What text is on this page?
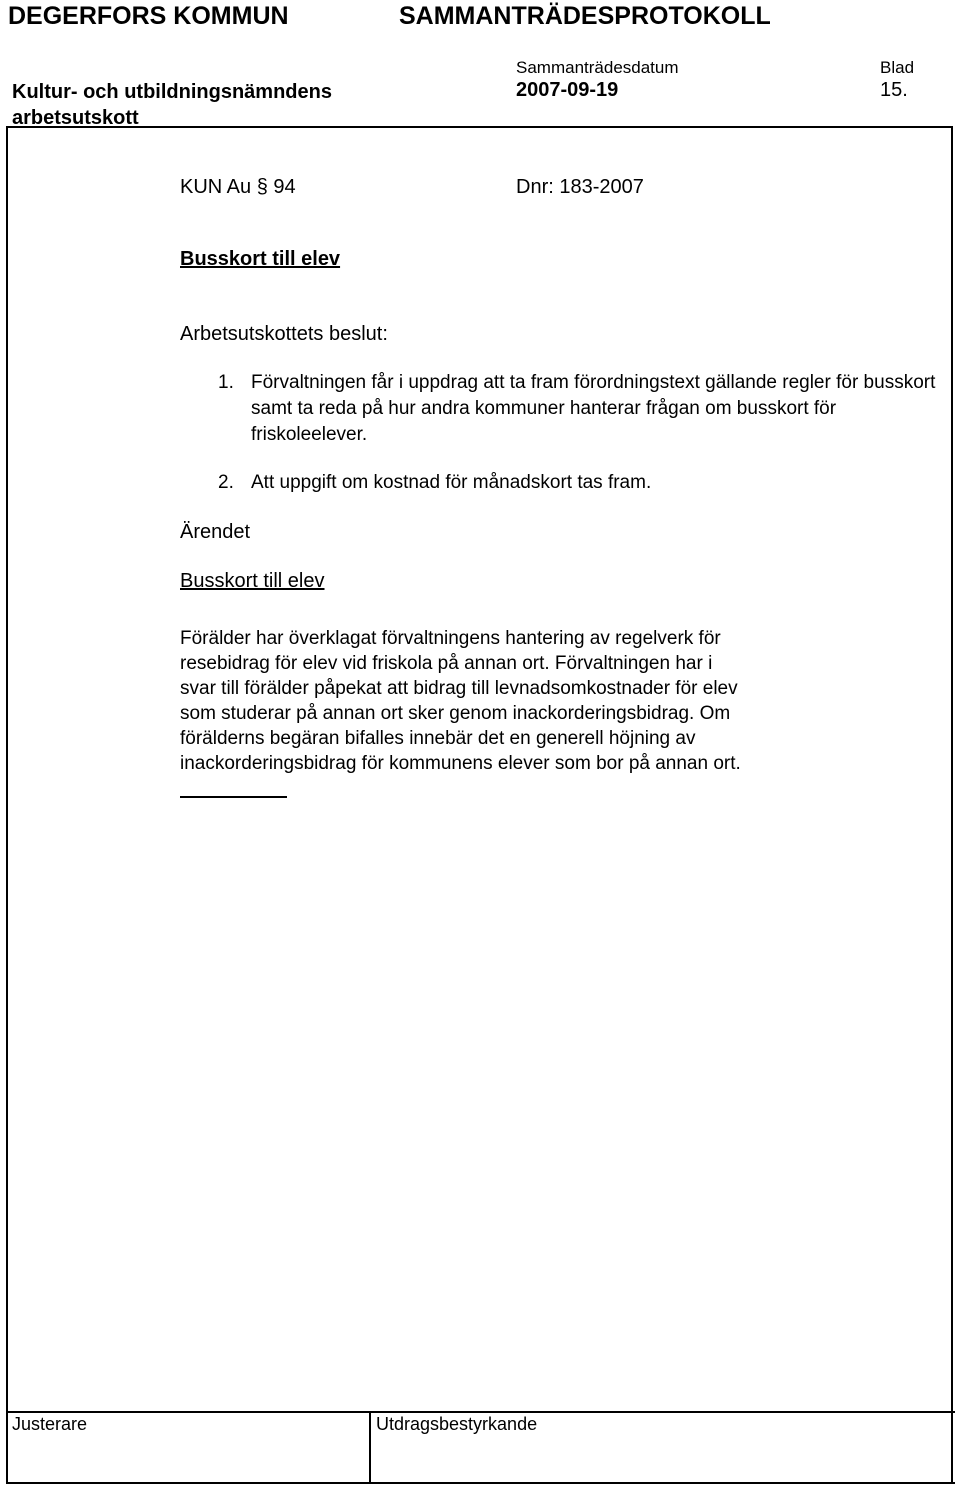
DEGERFORS KOMMUN	SAMMANTRÄDESPROTOKOLL
Sammanträdesdatum	Blad
Kultur- och utbildningsnämndens arbetsutskott
2007-09-19	15.
KUN Au § 94	Dnr: 183-2007
Busskort till elev
Arbetsutskottets beslut:
1. Förvaltningen får i uppdrag att ta fram förordningstext gällande regler för busskort samt ta reda på hur andra kommuner hanterar frågan om busskort för friskoleelever.
2. Att uppgift om kostnad för månadskort tas fram.
Ärendet
Busskort till elev
Förälder har överklagat förvaltningens hantering av regelverk för
resebidrag för elev vid friskola på annan ort. Förvaltningen har i
svar till förälder påpekat att bidrag till levnadsomkostnader för elev
som studerar på annan ort sker genom inackorderingsbidrag. Om
förälderns begäran bifalles innebär det en generell höjning av
inackorderingsbidrag för kommunens elever som bor på annan ort.
Justerare	Utdragsbestyrkande
